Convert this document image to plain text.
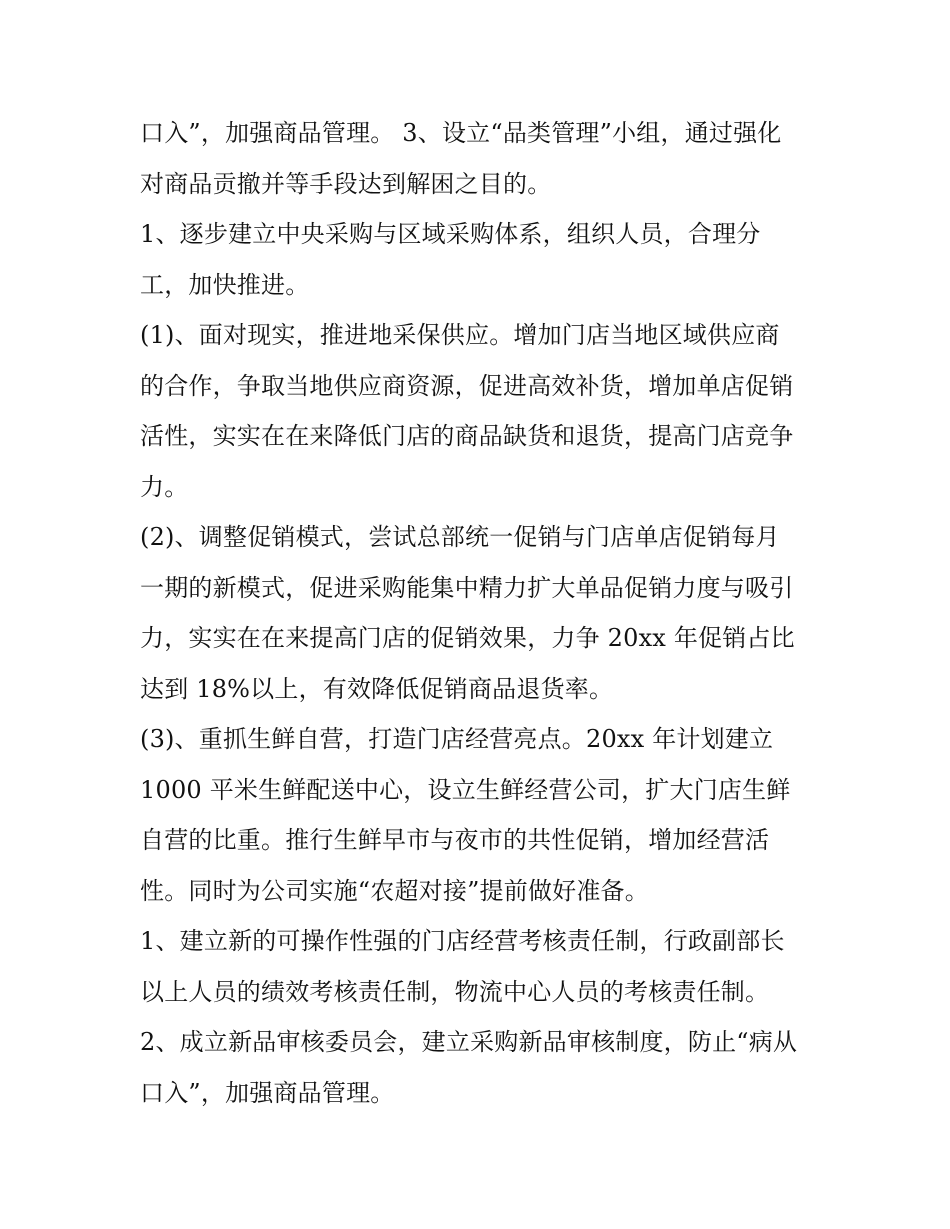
口入”，加强商品管理。 3、设立“品类管理”小组，通过强化
对商品贡撤并等手段达到解困之目的。
1、逐步建立中央采购与区域采购体系，组织人员，合理分
工，加快推进。
(1)、面对现实，推进地采保供应。增加门店当地区域供应商
的合作，争取当地供应商资源，促进高效补货，增加单店促销
活性，实实在在来降低门店的商品缺货和退货，提高门店竞争
力。
(2)、调整促销模式，尝试总部统一促销与门店单店促销每月
一期的新模式，促进采购能集中精力扩大单品促销力度与吸引
力，实实在在来提高门店的促销效果，力争 20xx 年促销占比
达到 18%以上，有效降低促销商品退货率。
(3)、重抓生鲜自营，打造门店经营亮点。20xx 年计划建立
1000 平米生鲜配送中心，设立生鲜经营公司，扩大门店生鲜
自营的比重。推行生鲜早市与夜市的共性促销，增加经营活
性。同时为公司实施“农超对接”提前做好准备。
1、建立新的可操作性强的门店经营考核责任制，行政副部长
以上人员的绩效考核责任制，物流中心人员的考核责任制。
2、成立新品审核委员会，建立采购新品审核制度，防止“病从
口入”，加强商品管理。
